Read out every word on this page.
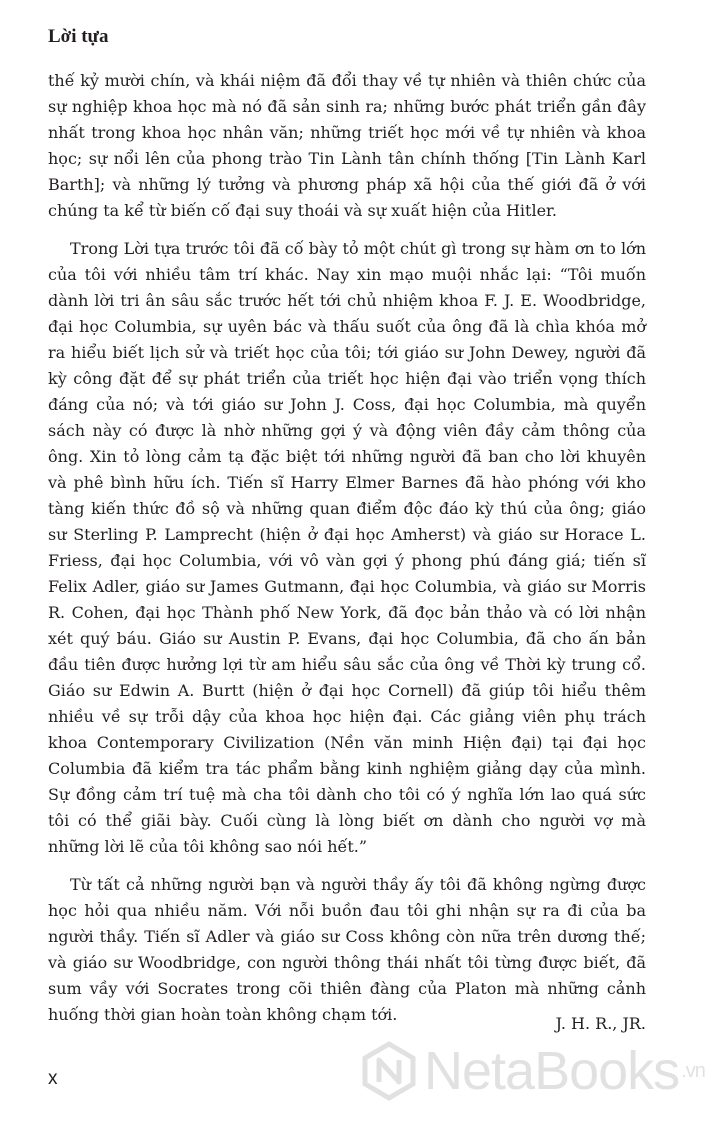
Lời tựa

thế kỷ mười chín, và khái niệm đã đổi thay về tự nhiên và thiên chức của sự nghiệp khoa học mà nó đã sản sinh ra; những bước phát triển gần đây nhất trong khoa học nhân văn; những triết học mới về tự nhiên và khoa học; sự nổi lên của phong trào Tin Lành tân chính thống [Tin Lành Karl Barth]; và những lý tưởng và phương pháp xã hội của thế giới đã ở với chúng ta kể từ biến cố đại suy thoái và sự xuất hiện của Hitler.

Trong Lời tựa trước tôi đã cố bày tỏ một chút gì trong sự hàm ơn to lớn của tôi với nhiều tâm trí khác. Nay xin mạo muội nhắc lại: “Tôi muốn dành lời tri ân sâu sắc trước hết tới chủ nhiệm khoa F. J. E. Woodbridge, đại học Columbia, sự uyên bác và thấu suốt của ông đã là chìa khóa mở ra hiểu biết lịch sử và triết học của tôi; tới giáo sư John Dewey, người đã kỳ công đặt để sự phát triển của triết học hiện đại vào triển vọng thích đáng của nó; và tới giáo sư John J. Coss, đại học Columbia, mà quyển sách này có được là nhờ những gợi ý và động viên đầy cảm thông của ông. Xin tỏ lòng cảm tạ đặc biệt tới những người đã ban cho lời khuyên và phê bình hữu ích. Tiến sĩ Harry Elmer Barnes đã hào phóng với kho tàng kiến thức đồ sộ và những quan điểm độc đáo kỳ thú của ông; giáo sư Sterling P. Lamprecht (hiện ở đại học Amherst) và giáo sư Horace L. Friess, đại học Columbia, với vô vàn gợi ý phong phú đáng giá; tiến sĩ Felix Adler, giáo sư James Gutmann, đại học Columbia, và giáo sư Morris R. Cohen, đại học Thành phố New York, đã đọc bản thảo và có lời nhận xét quý báu. Giáo sư Austin P. Evans, đại học Columbia, đã cho ấn bản đầu tiên được hưởng lợi từ am hiểu sâu sắc của ông về Thời kỳ trung cổ. Giáo sư Edwin A. Burtt (hiện ở đại học Cornell) đã giúp tôi hiểu thêm nhiều về sự trỗi dậy của khoa học hiện đại. Các giảng viên phụ trách khoa Contemporary Civilization (Nền văn minh Hiện đại) tại đại học Columbia đã kiểm tra tác phẩm bằng kinh nghiệm giảng dạy của mình. Sự đồng cảm trí tuệ mà cha tôi dành cho tôi có ý nghĩa lớn lao quá sức tôi có thể giãi bày. Cuối cùng là lòng biết ơn dành cho người vợ mà những lời lẽ của tôi không sao nói hết.”

Từ tất cả những người bạn và người thầy ấy tôi đã không ngừng được học hỏi qua nhiều năm. Với nỗi buồn đau tôi ghi nhận sự ra đi của ba người thầy. Tiến sĩ Adler và giáo sư Coss không còn nữa trên dương thế; và giáo sư Woodbridge, con người thông thái nhất tôi từng được biết, đã sum vầy với Socrates trong cõi thiên đàng của Platon mà những cảnh huống thời gian hoàn toàn không chạm tới.	J. H. R., JR.
x	NetaBooks .vn
